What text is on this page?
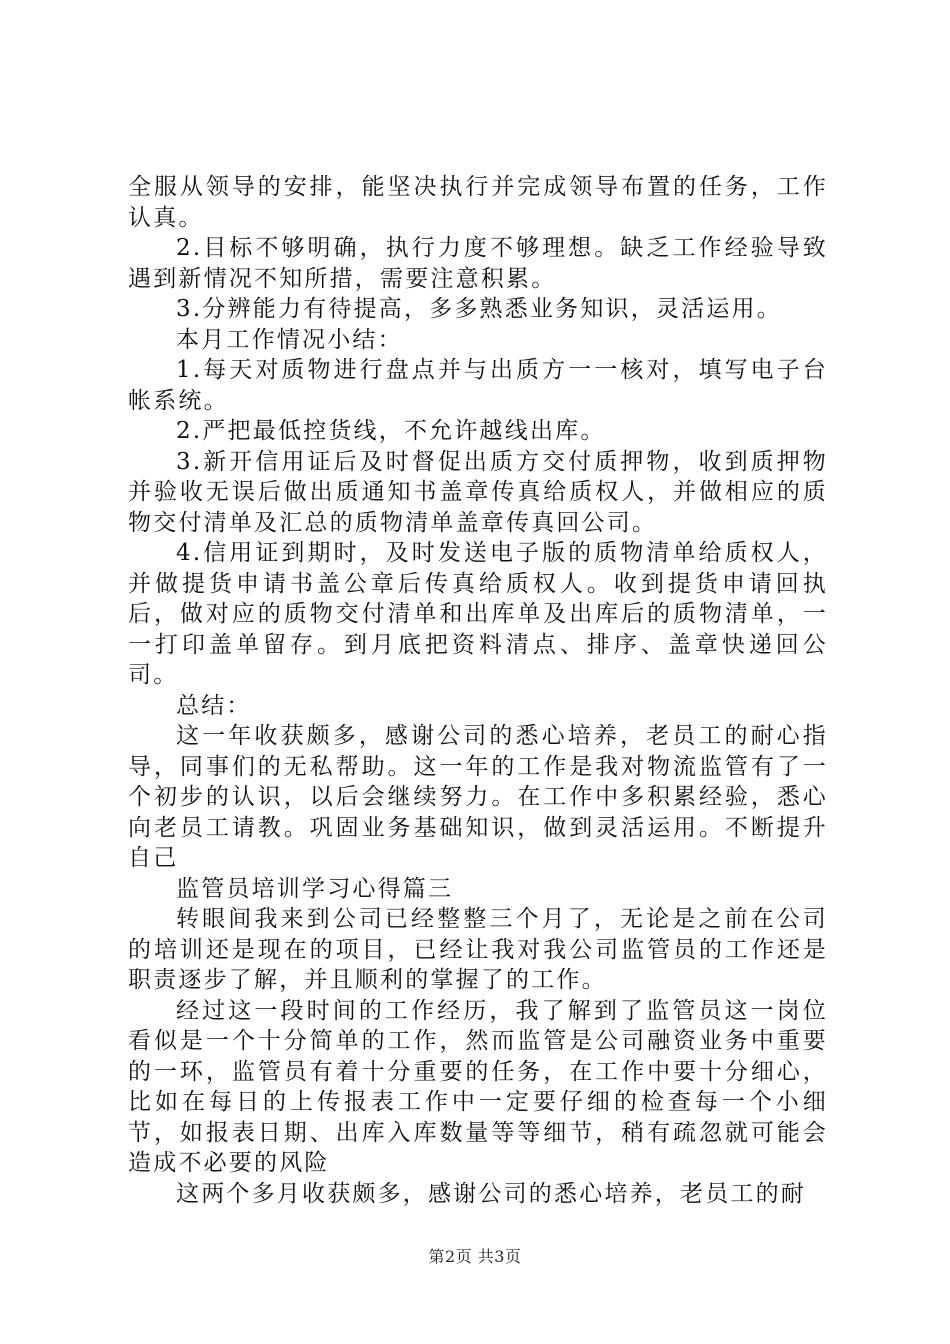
全服从领导的安排，能坚决执行并完成领导布置的任务，工作认真。

2.目标不够明确，执行力度不够理想。缺乏工作经验导致遇到新情况不知所措，需要注意积累。

3.分辨能力有待提高，多多熟悉业务知识，灵活运用。

本月工作情况小结：

1.每天对质物进行盘点并与出质方一一核对，填写电子台帐系统。

2.严把最低控货线，不允许越线出库。

3.新开信用证后及时督促出质方交付质押物，收到质押物并验收无误后做出质通知书盖章传真给质权人，并做相应的质物交付清单及汇总的质物清单盖章传真回公司。

4.信用证到期时，及时发送电子版的质物清单给质权人，并做提货申请书盖公章后传真给质权人。收到提货申请回执后，做对应的质物交付清单和出库单及出库后的质物清单，一一打印盖单留存。到月底把资料清点、排序、盖章快递回公司。

总结：

这一年收获颇多，感谢公司的悉心培养，老员工的耐心指导，同事们的无私帮助。这一年的工作是我对物流监管有了一个初步的认识，以后会继续努力。在工作中多积累经验，悉心向老员工请教。巩固业务基础知识，做到灵活运用。不断提升自己

监管员培训学习心得篇三

转眼间我来到公司已经整整三个月了，无论是之前在公司的培训还是现在的项目，已经让我对我公司监管员的工作还是职责逐步了解，并且顺利的掌握了的工作。

经过这一段时间的工作经历，我了解到了监管员这一岗位看似是一个十分简单的工作，然而监管是公司融资业务中重要的一环，监管员有着十分重要的任务，在工作中要十分细心，比如在每日的上传报表工作中一定要仔细的检查每一个小细节，如报表日期、出库入库数量等等细节，稍有疏忽就可能会造成不必要的风险

这两个多月收获颇多，感谢公司的悉心培养，老员工的耐

第2页 共3页
